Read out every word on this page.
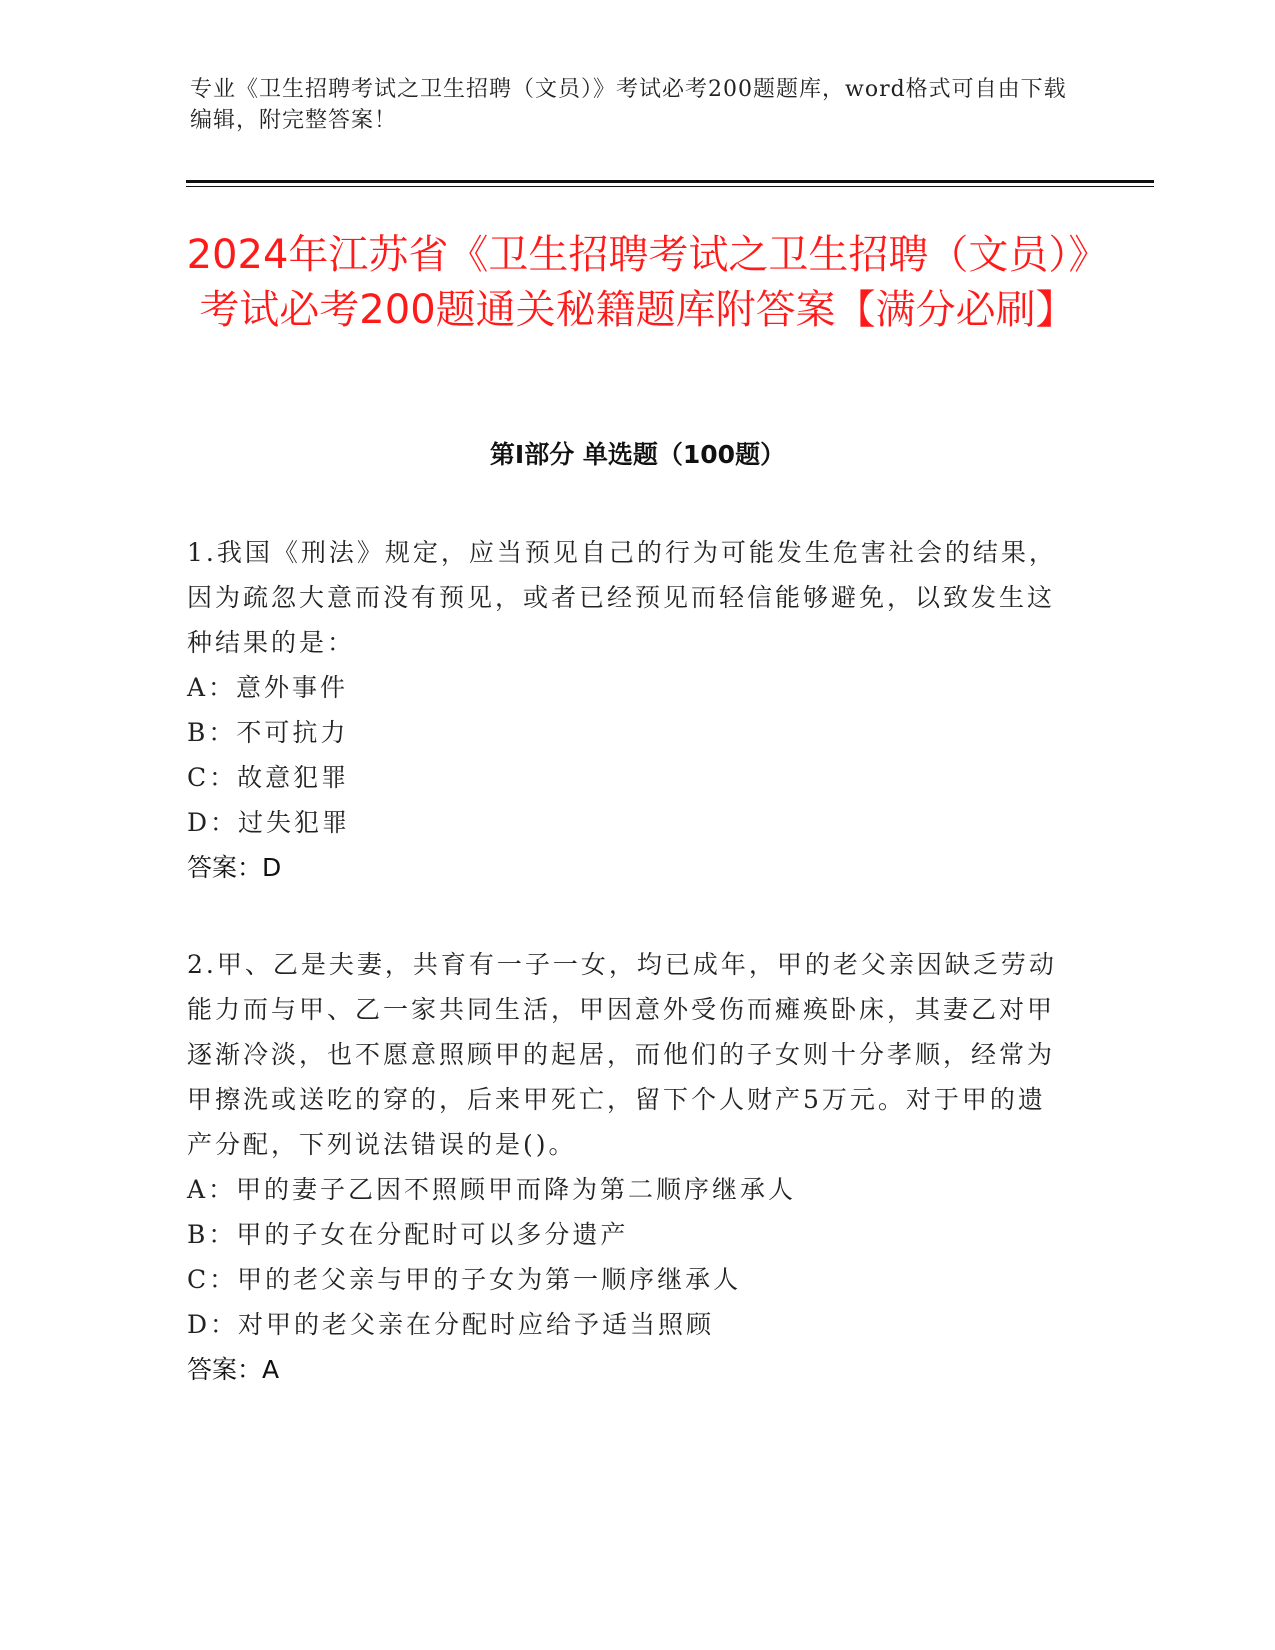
专业《卫生招聘考试之卫生招聘（文员）》考试必考200题题库，word格式可自由下载编辑，附完整答案！
2024年江苏省《卫生招聘考试之卫生招聘（文员）》考试必考200题通关秘籍题库附答案【满分必刷】
第I部分 单选题（100题）

1.我国《刑法》规定，应当预见自己的行为可能发生危害社会的结果，因为疏忽大意而没有预见，或者已经预见而轻信能够避免，以致发生这种结果的是：

A：意外事件
B：不可抗力
C：故意犯罪
D：过失犯罪

答案：D

2.甲、乙是夫妻，共育有一子一女，均已成年，甲的老父亲因缺乏劳动能力而与甲、乙一家共同生活，甲因意外受伤而瘫痪卧床，其妻乙对甲逐渐冷淡，也不愿意照顾甲的起居，而他们的子女则十分孝顺，经常为甲擦洗或送吃的穿的，后来甲死亡，留下个人财产5万元。对于甲的遗产分配，下列说法错误的是()。

A：甲的妻子乙因不照顾甲而降为第二顺序继承人
B：甲的子女在分配时可以多分遗产
C：甲的老父亲与甲的子女为第一顺序继承人
D：对甲的老父亲在分配时应给予适当照顾

答案：A
